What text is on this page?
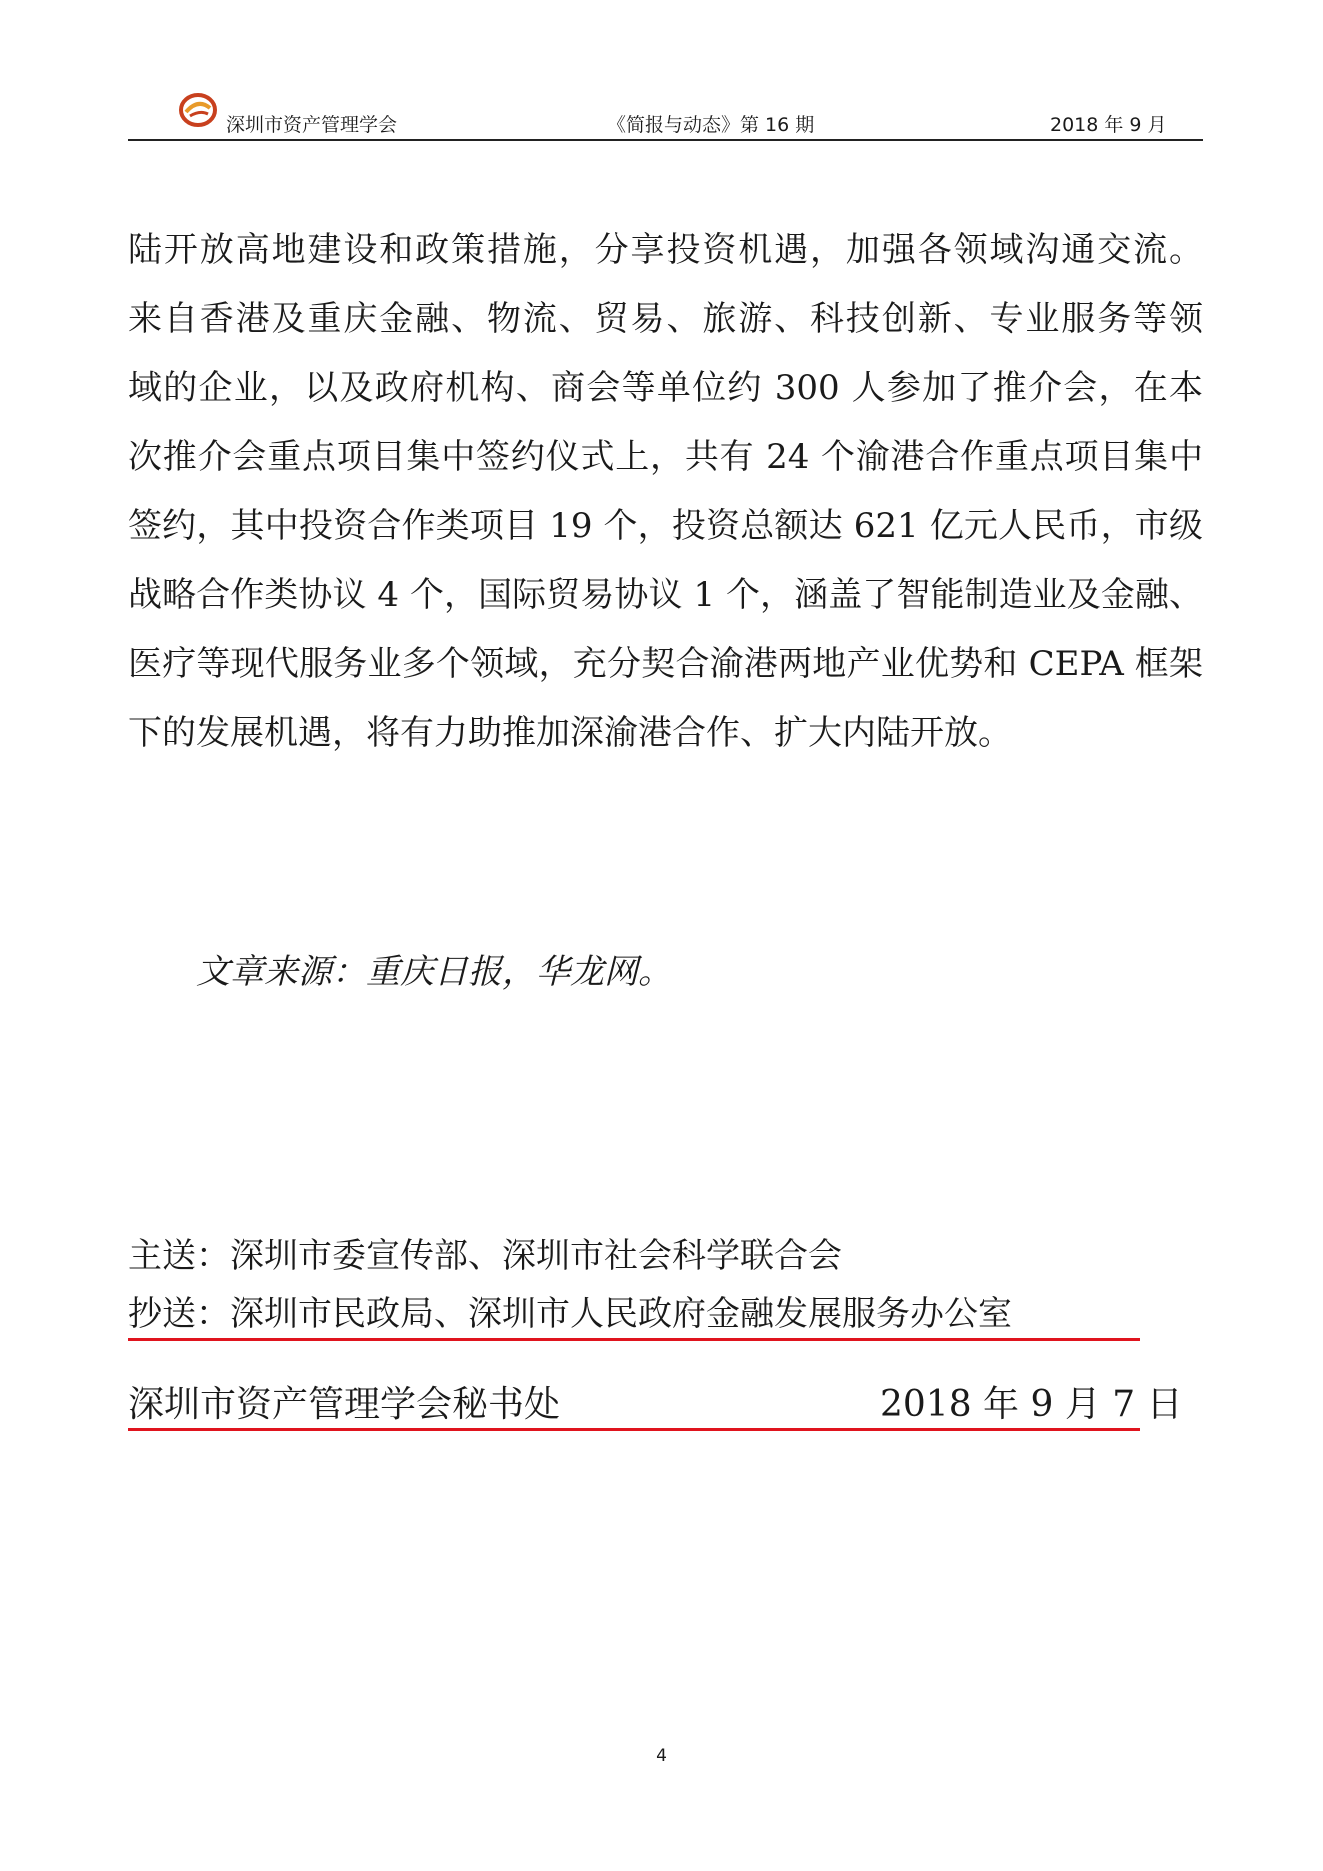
深圳市资产管理学会	《简报与动态》第 16 期	2018 年 9 月
陆开放高地建设和政策措施，分享投资机遇，加强各领域沟通交流。
来自香港及重庆金融、物流、贸易、旅游、科技创新、专业服务等领
域的企业，以及政府机构、商会等单位约 300 人参加了推介会，在本
次推介会重点项目集中签约仪式上，共有 24 个渝港合作重点项目集中
签约，其中投资合作类项目 19 个，投资总额达 621 亿元人民币，市级
战略合作类协议 4 个，国际贸易协议 1 个，涵盖了智能制造业及金融、
医疗等现代服务业多个领域，充分契合渝港两地产业优势和 CEPA 框架
下的发展机遇，将有力助推加深渝港合作、扩大内陆开放。
文章来源：重庆日报，华龙网。
主送：深圳市委宣传部、深圳市社会科学联合会
抄送：深圳市民政局、深圳市人民政府金融发展服务办公室
深圳市资产管理学会秘书处	2018 年 9 月 7 日
4
